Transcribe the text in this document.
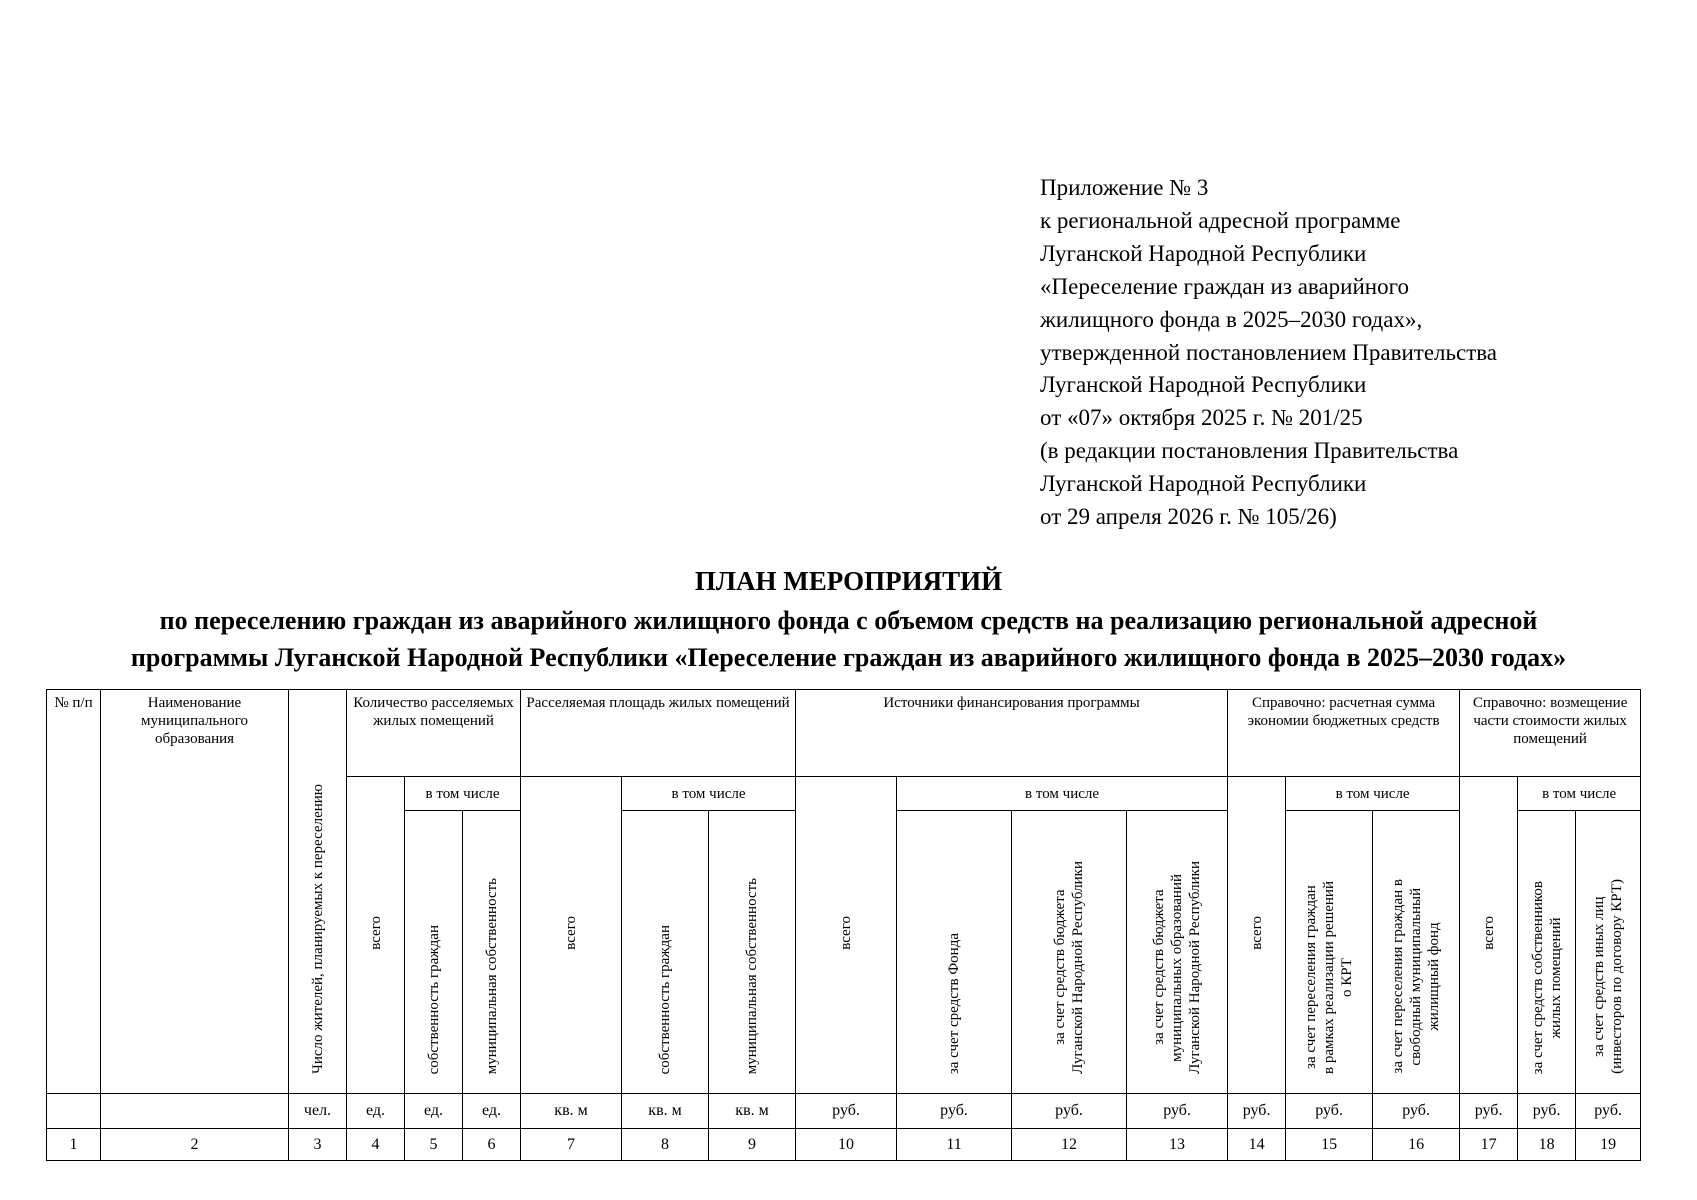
Приложение № 3
к региональной адресной программе
Луганской Народной Республики
«Переселение граждан из аварийного
жилищного фонда в 2025–2030 годах»,
утвержденной постановлением Правительства
Луганской Народной Республики
от «07» октября 2025 г. № 201/25
(в редакции постановления Правительства
Луганской Народной Республики
от 29 апреля 2026 г. № 105/26)
ПЛАН МЕРОПРИЯТИЙ
по переселению граждан из аварийного жилищного фонда с объемом средств на реализацию региональной адресной
программы Луганской Народной Республики «Переселение граждан из аварийного жилищного фонда в 2025–2030 годах»
№ п/п	Наименование муниципального образования	Число жителей, планируемых к переселению	Количество расселяемых жилых помещений			Расселяемая площадь жилых помещений			Источники финансирования программы				Справочно: расчетная сумма экономии бюджетных средств			Справочно: возмещение части стоимости жилых помещений		
			всего	в том числе		всего	в том числе		всего	в том числе			всего	в том числе		всего	в том числе	
				собственность граждан	муниципальная собственность		собственность граждан	муниципальная собственность		за счет средств Фонда	за счет средств бюджета Луганской Народной Республики	за счет средств бюджета муниципальных образований Луганской Народной Республики		за счет переселения граждан в рамках реализации решений о КРТ	за счет переселения граждан в свободный муниципальный жилищный фонд		за счет средств собственников жилых помещений	за счет средств иных лиц (инвесторов по договору КРТ)
		чел.	ед.	ед.	ед.	кв. м	кв. м	кв. м	руб.	руб.	руб.	руб.	руб.	руб.	руб.	руб.	руб.	руб.
1	2	3	4	5	6	7	8	9	10	11	12	13	14	15	16	17	18	19
